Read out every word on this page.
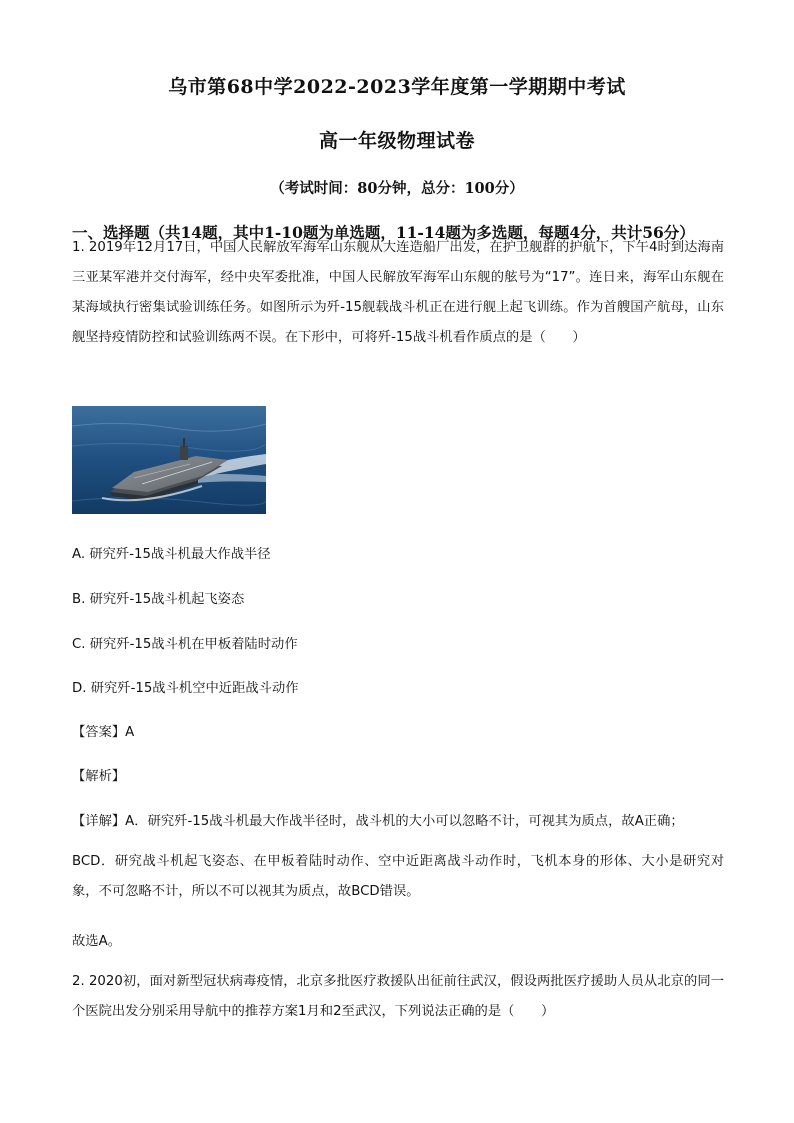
乌市第68中学2022-2023学年度第一学期期中考试
高一年级物理试卷
（考试时间：80分钟，总分：100分）
一、选择题（共14题，其中1-10题为单选题，11-14题为多选题，每题4分，共计56分）
1. 2019年12月17日，中国人民解放军海军山东舰从大连造船厂出发，在护卫舰群的护航下，下午4时到达海南三亚某军港并交付海军，经中央军委批准，中国人民解放军海军山东舰的舷号为“17”。连日来，海军山东舰在某海域执行密集试验训练任务。如图所示为歼-15舰载战斗机正在进行舰上起飞训练。作为首艘国产航母，山东舰坚持疫情防控和试验训练两不误。在下形中，可将歼-15战斗机看作质点的是（　　）
A. 研究歼-15战斗机最大作战半径
B. 研究歼-15战斗机起飞姿态
C. 研究歼-15战斗机在甲板着陆时动作
D. 研究歼-15战斗机空中近距战斗动作
【答案】A
【解析】
【详解】A．研究歼-15战斗机最大作战半径时，战斗机的大小可以忽略不计，可视其为质点，故A正确；
BCD．研究战斗机起飞姿态、在甲板着陆时动作、空中近距离战斗动作时，飞机本身的形体、大小是研究对象，不可忽略不计，所以不可以视其为质点，故BCD错误。
故选A。
2. 2020初，面对新型冠状病毒疫情，北京多批医疗救援队出征前往武汉，假设两批医疗援助人员从北京的同一个医院出发分别采用导航中的推荐方案1月和2至武汉，下列说法正确的是（　　）
